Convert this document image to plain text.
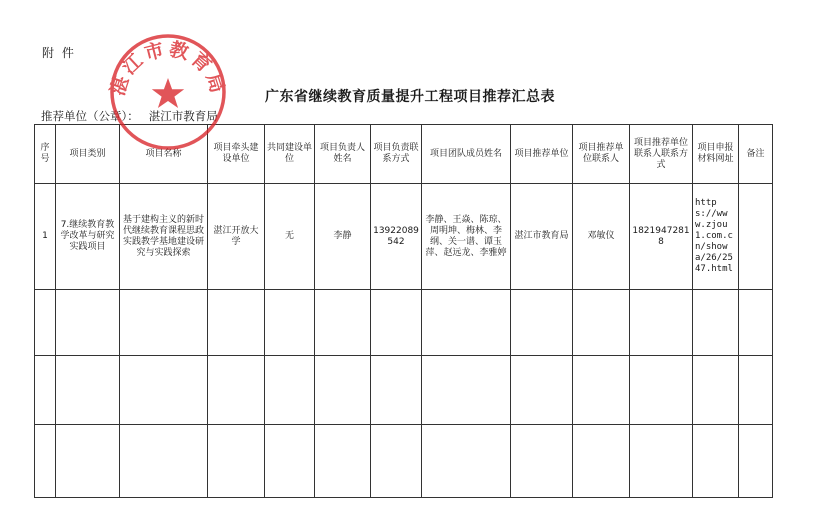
附 件
广东省继续教育质量提升工程项目推荐汇总表
推荐单位（公章）： 湛江市教育局
序号	项目类别	项目名称	项目牵头建设单位	共同建设单位	项目负责人姓名	项目负责联系方式	项目团队成员姓名	项目推荐单位	项目推荐单位联系人	项目推荐单位联系人联系方式	项目申报材料网址	备注
1	7.继续教育教学改革与研究实践项目	基于建构主义的新时代继续教育课程思政实践教学基地建设研究与实践探索	湛江开放大学	无	李静	13922089542	李静、王焱、陈琼、周明坤、梅林、李纲、关一谱、谭玉萍、赵远龙、李雅婷	湛江市教育局	邓敏仪	18219472818	https://www.zjou1.com.cn/showa/26/2547.html	

湛江市教育局
